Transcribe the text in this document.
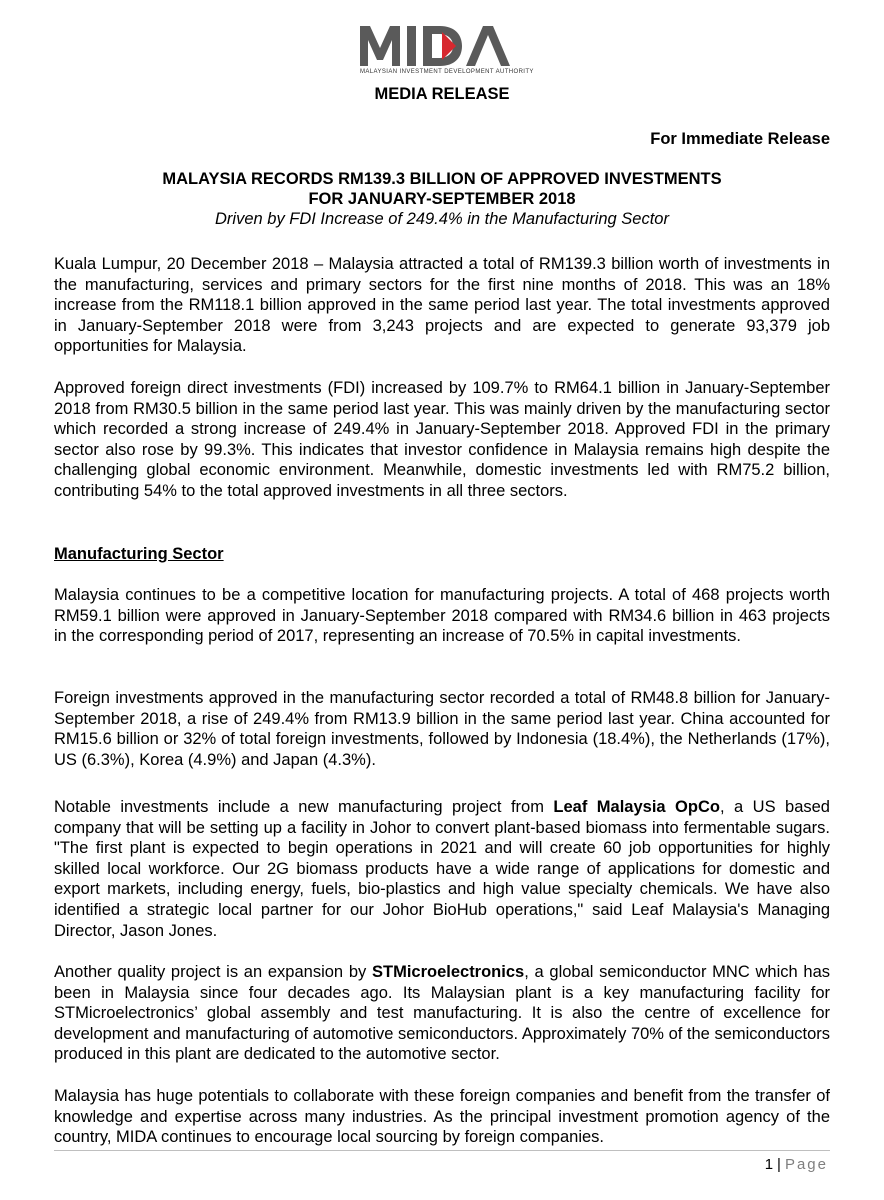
MALAYSIAN INVESTMENT DEVELOPMENT AUTHORITY
MEDIA RELEASE
For Immediate Release
MALAYSIA RECORDS RM139.3 BILLION OF APPROVED INVESTMENTS
FOR JANUARY-SEPTEMBER 2018
Driven by FDI Increase of 249.4% in the Manufacturing Sector

Kuala Lumpur, 20 December 2018 – Malaysia attracted a total of RM139.3 billion worth of investments in the manufacturing, services and primary sectors for the first nine months of 2018. This was an 18% increase from the RM118.1 billion approved in the same period last year. The total investments approved in January-September 2018 were from 3,243 projects and are expected to generate 93,379 job opportunities for Malaysia.

Approved foreign direct investments (FDI) increased by 109.7% to RM64.1 billion in January-September 2018 from RM30.5 billion in the same period last year. This was mainly driven by the manufacturing sector which recorded a strong increase of 249.4% in January-September 2018. Approved FDI in the primary sector also rose by 99.3%. This indicates that investor confidence in Malaysia remains high despite the challenging global economic environment. Meanwhile, domestic investments led with RM75.2 billion, contributing 54% to the total approved investments in all three sectors.

Manufacturing Sector

Malaysia continues to be a competitive location for manufacturing projects. A total of 468 projects worth RM59.1 billion were approved in January-September 2018 compared with RM34.6 billion in 463 projects in the corresponding period of 2017, representing an increase of 70.5% in capital investments.

Foreign investments approved in the manufacturing sector recorded a total of RM48.8 billion for January-September 2018, a rise of 249.4% from RM13.9 billion in the same period last year. China accounted for RM15.6 billion or 32% of total foreign investments, followed by Indonesia (18.4%), the Netherlands (17%), US (6.3%), Korea (4.9%) and Japan (4.3%).

Notable investments include a new manufacturing project from Leaf Malaysia OpCo, a US based company that will be setting up a facility in Johor to convert plant-based biomass into fermentable sugars. "The first plant is expected to begin operations in 2021 and will create 60 job opportunities for highly skilled local workforce. Our 2G biomass products have a wide range of applications for domestic and export markets, including energy, fuels, bio-plastics and high value specialty chemicals. We have also identified a strategic local partner for our Johor BioHub operations," said Leaf Malaysia's Managing Director, Jason Jones.

Another quality project is an expansion by STMicroelectronics, a global semiconductor MNC which has been in Malaysia since four decades ago. Its Malaysian plant is a key manufacturing facility for STMicroelectronics’ global assembly and test manufacturing. It is also the centre of excellence for development and manufacturing of automotive semiconductors. Approximately 70% of the semiconductors produced in this plant are dedicated to the automotive sector.

Malaysia has huge potentials to collaborate with these foreign companies and benefit from the transfer of knowledge and expertise across many industries. As the principal investment promotion agency of the country, MIDA continues to encourage local sourcing by foreign companies.

1 | Page
